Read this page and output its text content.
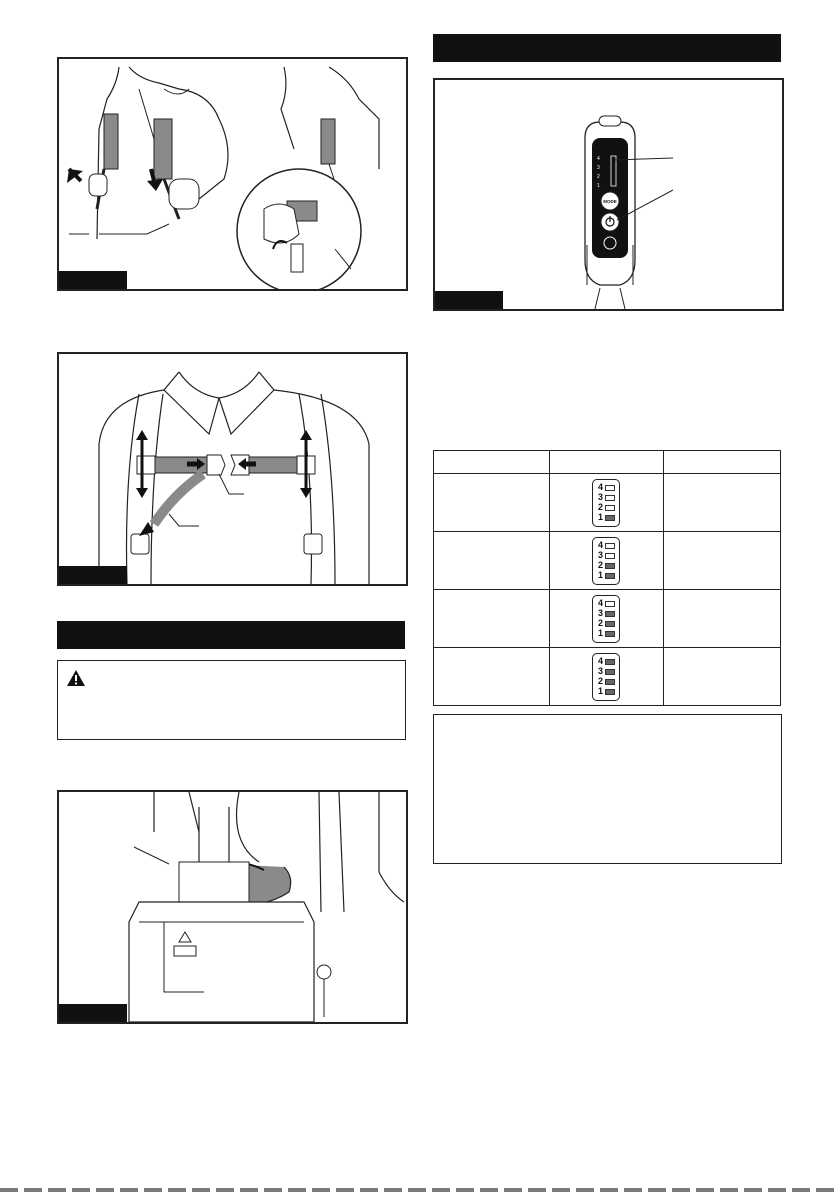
4
3
2
1
MODE

	4
3
2
1	

	4
3
2
1	

	4
3
2
1	

	4
3
2
1	
